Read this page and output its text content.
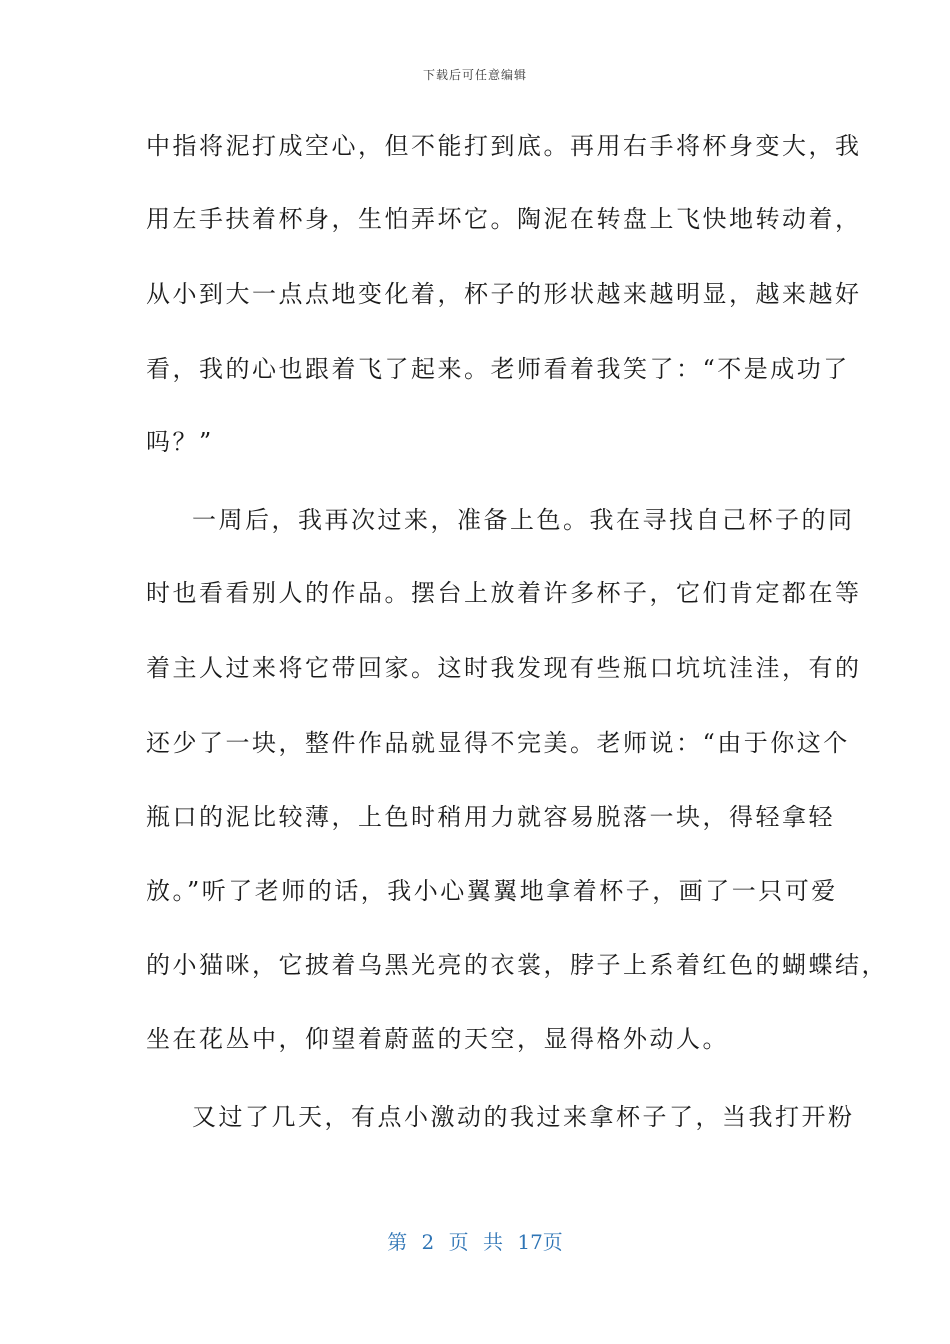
下载后可任意编辑
中指将泥打成空心，但不能打到底。再用右手将杯身变大，我
用左手扶着杯身，生怕弄坏它。陶泥在转盘上飞快地转动着，
从小到大一点点地变化着，杯子的形状越来越明显，越来越好
看，我的心也跟着飞了起来。老师看着我笑了：“不是成功了
吗？”
一周后，我再次过来，准备上色。我在寻找自己杯子的同
时也看看别人的作品。摆台上放着许多杯子，它们肯定都在等
着主人过来将它带回家。这时我发现有些瓶口坑坑洼洼，有的
还少了一块，整件作品就显得不完美。老师说：“由于你这个
瓶口的泥比较薄，上色时稍用力就容易脱落一块，得轻拿轻
放。”听了老师的话，我小心翼翼地拿着杯子，画了一只可爱
的小猫咪，它披着乌黑光亮的衣裳，脖子上系着红色的蝴蝶结，
坐在花丛中，仰望着蔚蓝的天空，显得格外动人。
又过了几天，有点小激动的我过来拿杯子了，当我打开粉
第 2 页 共 17页
